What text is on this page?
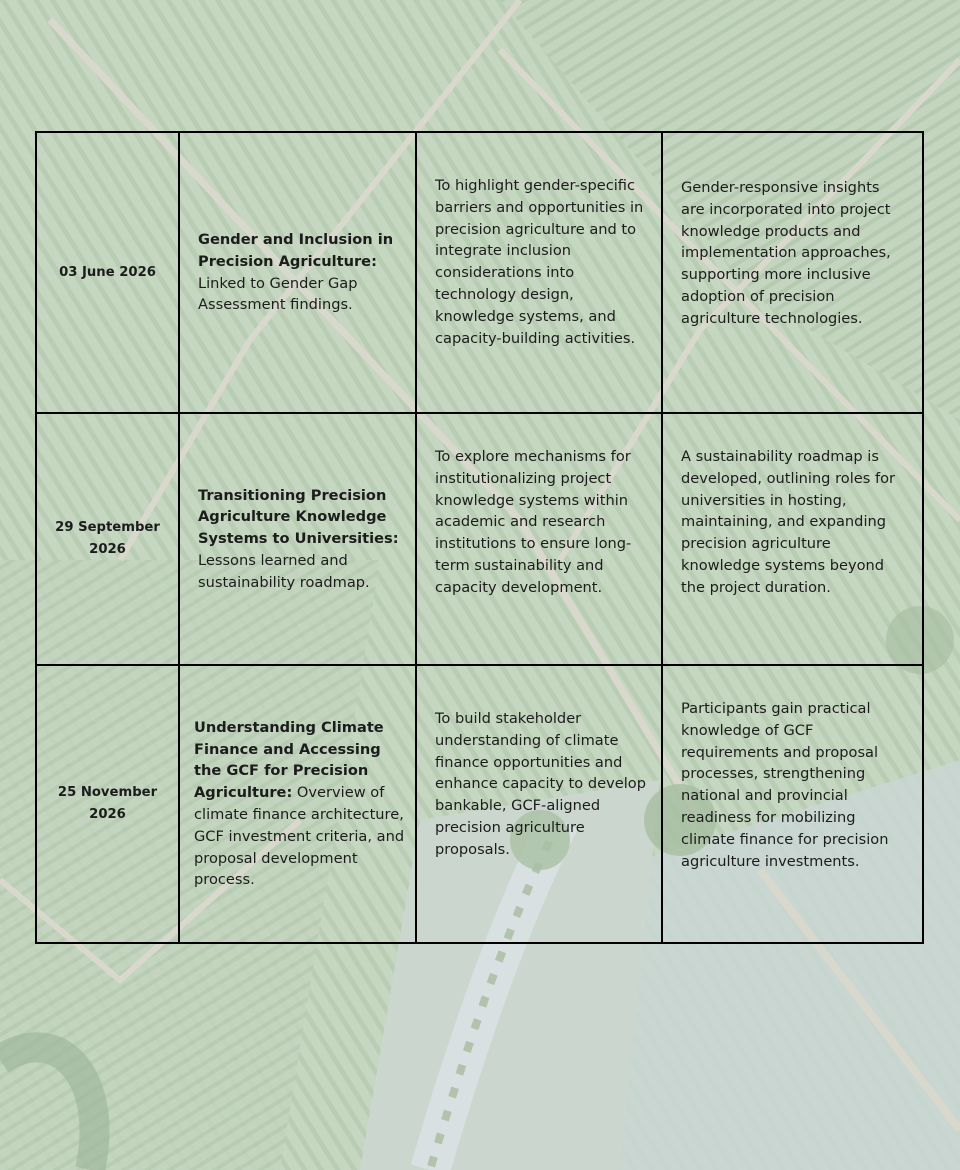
03 June 2026	Gender and Inclusion in Precision Agriculture: Linked to Gender Gap Assessment findings.	To highlight gender-specific barriers and opportunities in precision agriculture and to integrate inclusion considerations into technology design, knowledge systems, and capacity-building activities.	Gender-responsive insights are incorporated into project knowledge products and implementation approaches, supporting more inclusive adoption of precision agriculture technologies.
29 September 2026	Transitioning Precision Agriculture Knowledge Systems to Universities: Lessons learned and sustainability roadmap.	To explore mechanisms for institutionalizing project knowledge systems within academic and research institutions to ensure long-term sustainability and capacity development.	A sustainability roadmap is developed, outlining roles for universities in hosting, maintaining, and expanding precision agriculture knowledge systems beyond the project duration.
25 November 2026	Understanding Climate Finance and Accessing the GCF for Precision Agriculture: Overview of climate finance architecture, GCF investment criteria, and proposal development process.	To build stakeholder understanding of climate finance opportunities and enhance capacity to develop bankable, GCF-aligned precision agriculture proposals.	Participants gain practical knowledge of GCF requirements and proposal processes, strengthening national and provincial readiness for mobilizing climate finance for precision agriculture investments.
